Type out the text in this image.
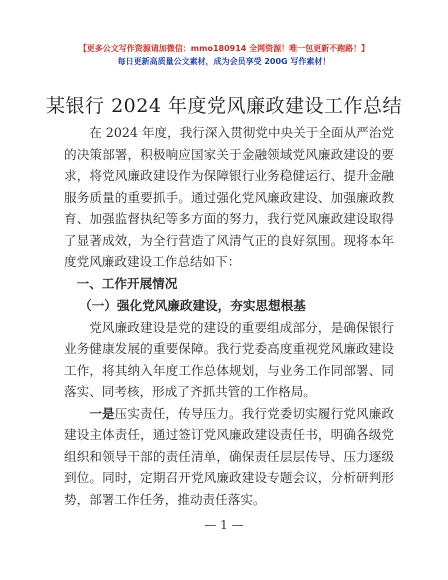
【更多公文写作资源请加微信：mmo180914 全网资源！唯一包更新不跑路！】
每日更新高质量公文素材，成为会员享受 200G 写作素材！
某银行 2024 年度党风廉政建设工作总结

在 2024 年度，我行深入贯彻党中央关于全面从严治党的决策部署，积极响应国家关于金融领域党风廉政建设的要求，将党风廉政建设作为保障银行业务稳健运行、提升金融服务质量的重要抓手。通过强化党风廉政建设、加强廉政教育、加强监督执纪等多方面的努力，我行党风廉政建设取得了显著成效，为全行营造了风清气正的良好氛围。现将本年度党风廉政建设工作总结如下：

一、工作开展情况
（一）强化党风廉政建设，夯实思想根基

党风廉政建设是党的建设的重要组成部分，是确保银行业务健康发展的重要保障。我行党委高度重视党风廉政建设工作，将其纳入年度工作总体规划，与业务工作同部署、同落实、同考核，形成了齐抓共管的工作格局。

一是压实责任，传导压力。我行党委切实履行党风廉政建设主体责任，通过签订党风廉政建设责任书，明确各级党组织和领导干部的责任清单，确保责任层层传导、压力逐级到位。同时，定期召开党风廉政建设专题会议，分析研判形势，部署工作任务，推动责任落实。

— 1 —
